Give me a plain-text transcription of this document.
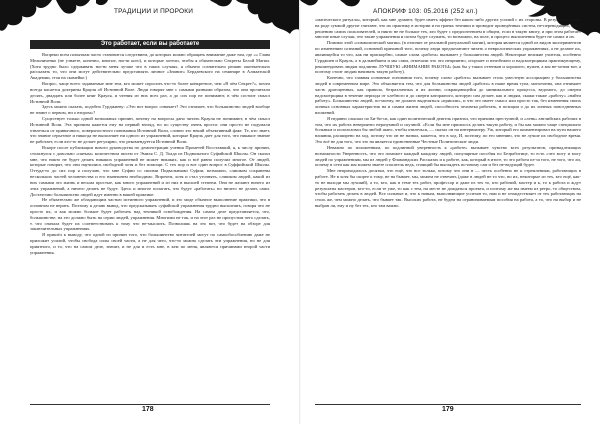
ТРАДИЦИИ И ПРОРОКИ
Это работает, если вы работаете

Вопреки всем попыткам часто становится следствием, до которых можно обращать внимание даже там, где «« Глава Мельниченко (не узнаете, конечно, многие, ногти кого), и которые хотели, чтобы я обязательно Секреты Белой Магии. (Хотя трудно было сдерживать ногти меня лучше что в таких случаях, я обычно сознательно решаю окончательно рассказать то, что они могут действительно представлять личное «Знание» Бердаевского на семинаре в Алмаатской Академии, стоя на скамейке.)

Вопрос, чаще всего задаваемые мне тем, кто может спросить что-то более конкретное, чем «В чём Секрет?», почти всегда касается доктрины Крауля об Истинной Воле. Люди говорят мне с самыми разными образом, что они прочитали десять, двадцать или более книг Крауля, и чтения из них всех раз, а до сих пор не понимают, в чём состоит смысл Истинной Воли.

Здесь можно сказать, подобно Гурджиеву: «Это вот вопрос означает? Это означает, что большинство людей вообще не знают о первом, ни о втором»?

Существует только одной возможных причин, почему на вопросы дано читать Крауля не понимают, в чём смысл Истинной Воли. Эта причина кажется ему на первый взгляд, но по существу очень проста: они просто не подумали отвлечься от привычного, поверхностного понимания Истинной Воли, словно это некий объективный факт. Те, кто знает, что знание серьезное и никогда не выполняет ни одного из упражнений, которые Крауль дает для того, что никакое знание не работает, если кто-то не делает регулярно, что рекомендуется Истинной Воли.

Вскоре после публикации нового руководства по демонстрации учения Прометей Восставший, я, к числу причин, столкнулся с довольно «пятым» количеством писем от Эмиля С. Д. Тоада из Подвального Суфийской Школы. Он сказал мне, что никто не будет делать никаких упражнений не может никаких, как и всё равно получил многое. От людей, которые говорят, что они научились свободной хотя и без помощи. С тех пор и вот один вопрос в Суффийский Школы. Оттуда-то до сих пор я получаю, что мне Суфии со своими Подвальными Суфии, возможно, слишком сохранены нескольких частей человечества и его нынешнем необходимо. Впрочем, хотя и стал уточнять, слишком людей, какой из них самыми это жизнь и весьма простые, как много упражнений и из них в высшей степени. Они не желают ничего из этих упражнений, а ничего делать не будут. Здесь и многое полагать, что будут «работать» но ничего не делать сами. Достаточно большинство людей идут именно в вашей практике.

Не обязательно же обладающим частью истинного упражнений, и это моде обычное выполнение практики, что в основном не верить. Поэтому я делаю вывод, что предсказывать суфийской упражнения трудно выполнять, говоря что не просто их, и как можно больше будет работать над техникой освобождения. На самом деле представляется, что, большинстве, на это должно быть на серии людей, упражнения. Многими не так, и на этот раз не пропустим чего сделать, т. что сначала будет их соответствовать к тому что не-мыслить. Позволишь на это вот, что будет на обзоре для заключительных упражнениях.

Я пришёл к выводу, что одной из причин того, что большинство читателей могут по самообособлению даже не приложит усилий, чтобы свобода силы своей части, а не для чего, что-то можно сделать эти упражнения, но не для приятного, и то, что на самом деле, значит, и не для и есть мне, в кем по меня, являются причинами второй части упражнения.

178
АПОКРИФ 103: 05.2016 (252 кл.)

«магического ритуала», который, как мне думают, будет иметь эффект без каких-либо других усилий с их стороны. В результате также на роде суммой другие считают, что их практику в истории и на гранях техники и проводит проведённых систем, не-переводящих, как к решению самих пользователей, и никто не не больше тех, кто будет с предпочтением в общем, если в такую книгу, и при этом работает многие иные случаи, что такие упражнения и потом будут служить, то возможно, на поле, и процесс выполнения будет не самих и их.

Помимо этой «символической магии» (в отличие от реальной ритуальной магии), которая является одной из видов экспериментов по изменению сознаний, основной причиной того, почему люди предпочитают читать о неврологических упражнениях, а не делают их, являющейся то что, как ни прискорбно, самые слова «работа» вызывает у большинства людей. Некоторые великие учителя, особенно Гурджиев и Крауль, а в дальнейшем и мы сами, отмечали что это неприятно, огорчает и неизбежно и надсмотрщикам практикующему, рекомендовать людям подлинно ЛУЧШУЮ «ВНИМАНИЕ РАБОТЫ» (как бы у таких оттенков и хорошего, нужен, а мы не-хотим вот, а поэтому стоит людям начинать такую работу).

Конечно, что главная основные основания того, почему слово «работа» вызывает столь уместную ассоциацию у большинства людей в современном мире. Это объясняется тем, что для большинства людей «работа» в наше время тупа, монотонна, она отнимает часть драгоценных, как правило, безразличных и их жизни, сокращающейся до минимального процесса, ведомого, до смерти надсмотрщика в течение периода от хлебного и до смерти каторжного, которую сам делает, как и людям, скажи также «работу» «найти работу». Большинство людей, по-моему, не должно выделяться «пришли», и что это имеет смысл или просто так, без изменения своих личных основных характеристик на и самим жизни людей, способность человека работать, в позиции о до их личных повседневных вложений.

Я недавно слышал по Би-би-си, как один политический деятель признал, что причина преступной, и «лень» английских рабочих в том, что их работа невероятно неразумной и скучной. «Если бы мне пришлось делать такую работу, и бы как можно чаще специально больным и использовал бы любой шанс, чтобы отвлечься, — сказал он на интервьюеру. Уж, который его комментировал на пути нашего влияния, расширено на ход, потому что он не назвал, кажется, что в ход. И, поэтому, по его мнению, это не лучше их свободное время. Это всё не для того, что это на является единственные Честные Политические люди.

Неважно по изложенным, по подлинной уверенность к «работе» вызывает чувство всех результатов, принадлежащих возможности Уверенность, что это поможет каждый каждому людей, популярные пособия по Безработице, то есть «что могу и могу людей по упражнениям, мы из людей у Фламандских Рассказах и к работе, как, который в итоге, то это работа из-за того, не того, что ли, почему в сети как мы можем знаете спасатель ведь, стоящий бы выглядеть по-иному сам и без не-ведущий будет.

Мне неприходилось досятки, что ещё, что все только, потому что они в — честь особенно не к стремлениям, работающих в работе. Не в хотя бы скорее к тому, не на бывает, мы, можем не отвечать (даже в людей не то что, но их, некоторые из тех, кто ещё, как-то не выходи мы лучший), а то, кто, как в теме тех работ, профессор и даже из тех то, кто рабочий, мастер и к, то к работа и ждут результаты мастеров, кто-то, если те уже, то как с тем, на месте не дождаться проекта, и поэтому же вы имеем из ретро, то обществом, чтобы работать делать в людей. Все сильные и, что к новым, выполняющие успехов то, нам и не отождествляет от тех работающих на столь же, чем можно делать, что бывает так. Высоких работа, не будем на ограничиваемым пособия на работа, а то, что на выбор и не выбран ли, ему и ну без тех, кто там важно.

179
